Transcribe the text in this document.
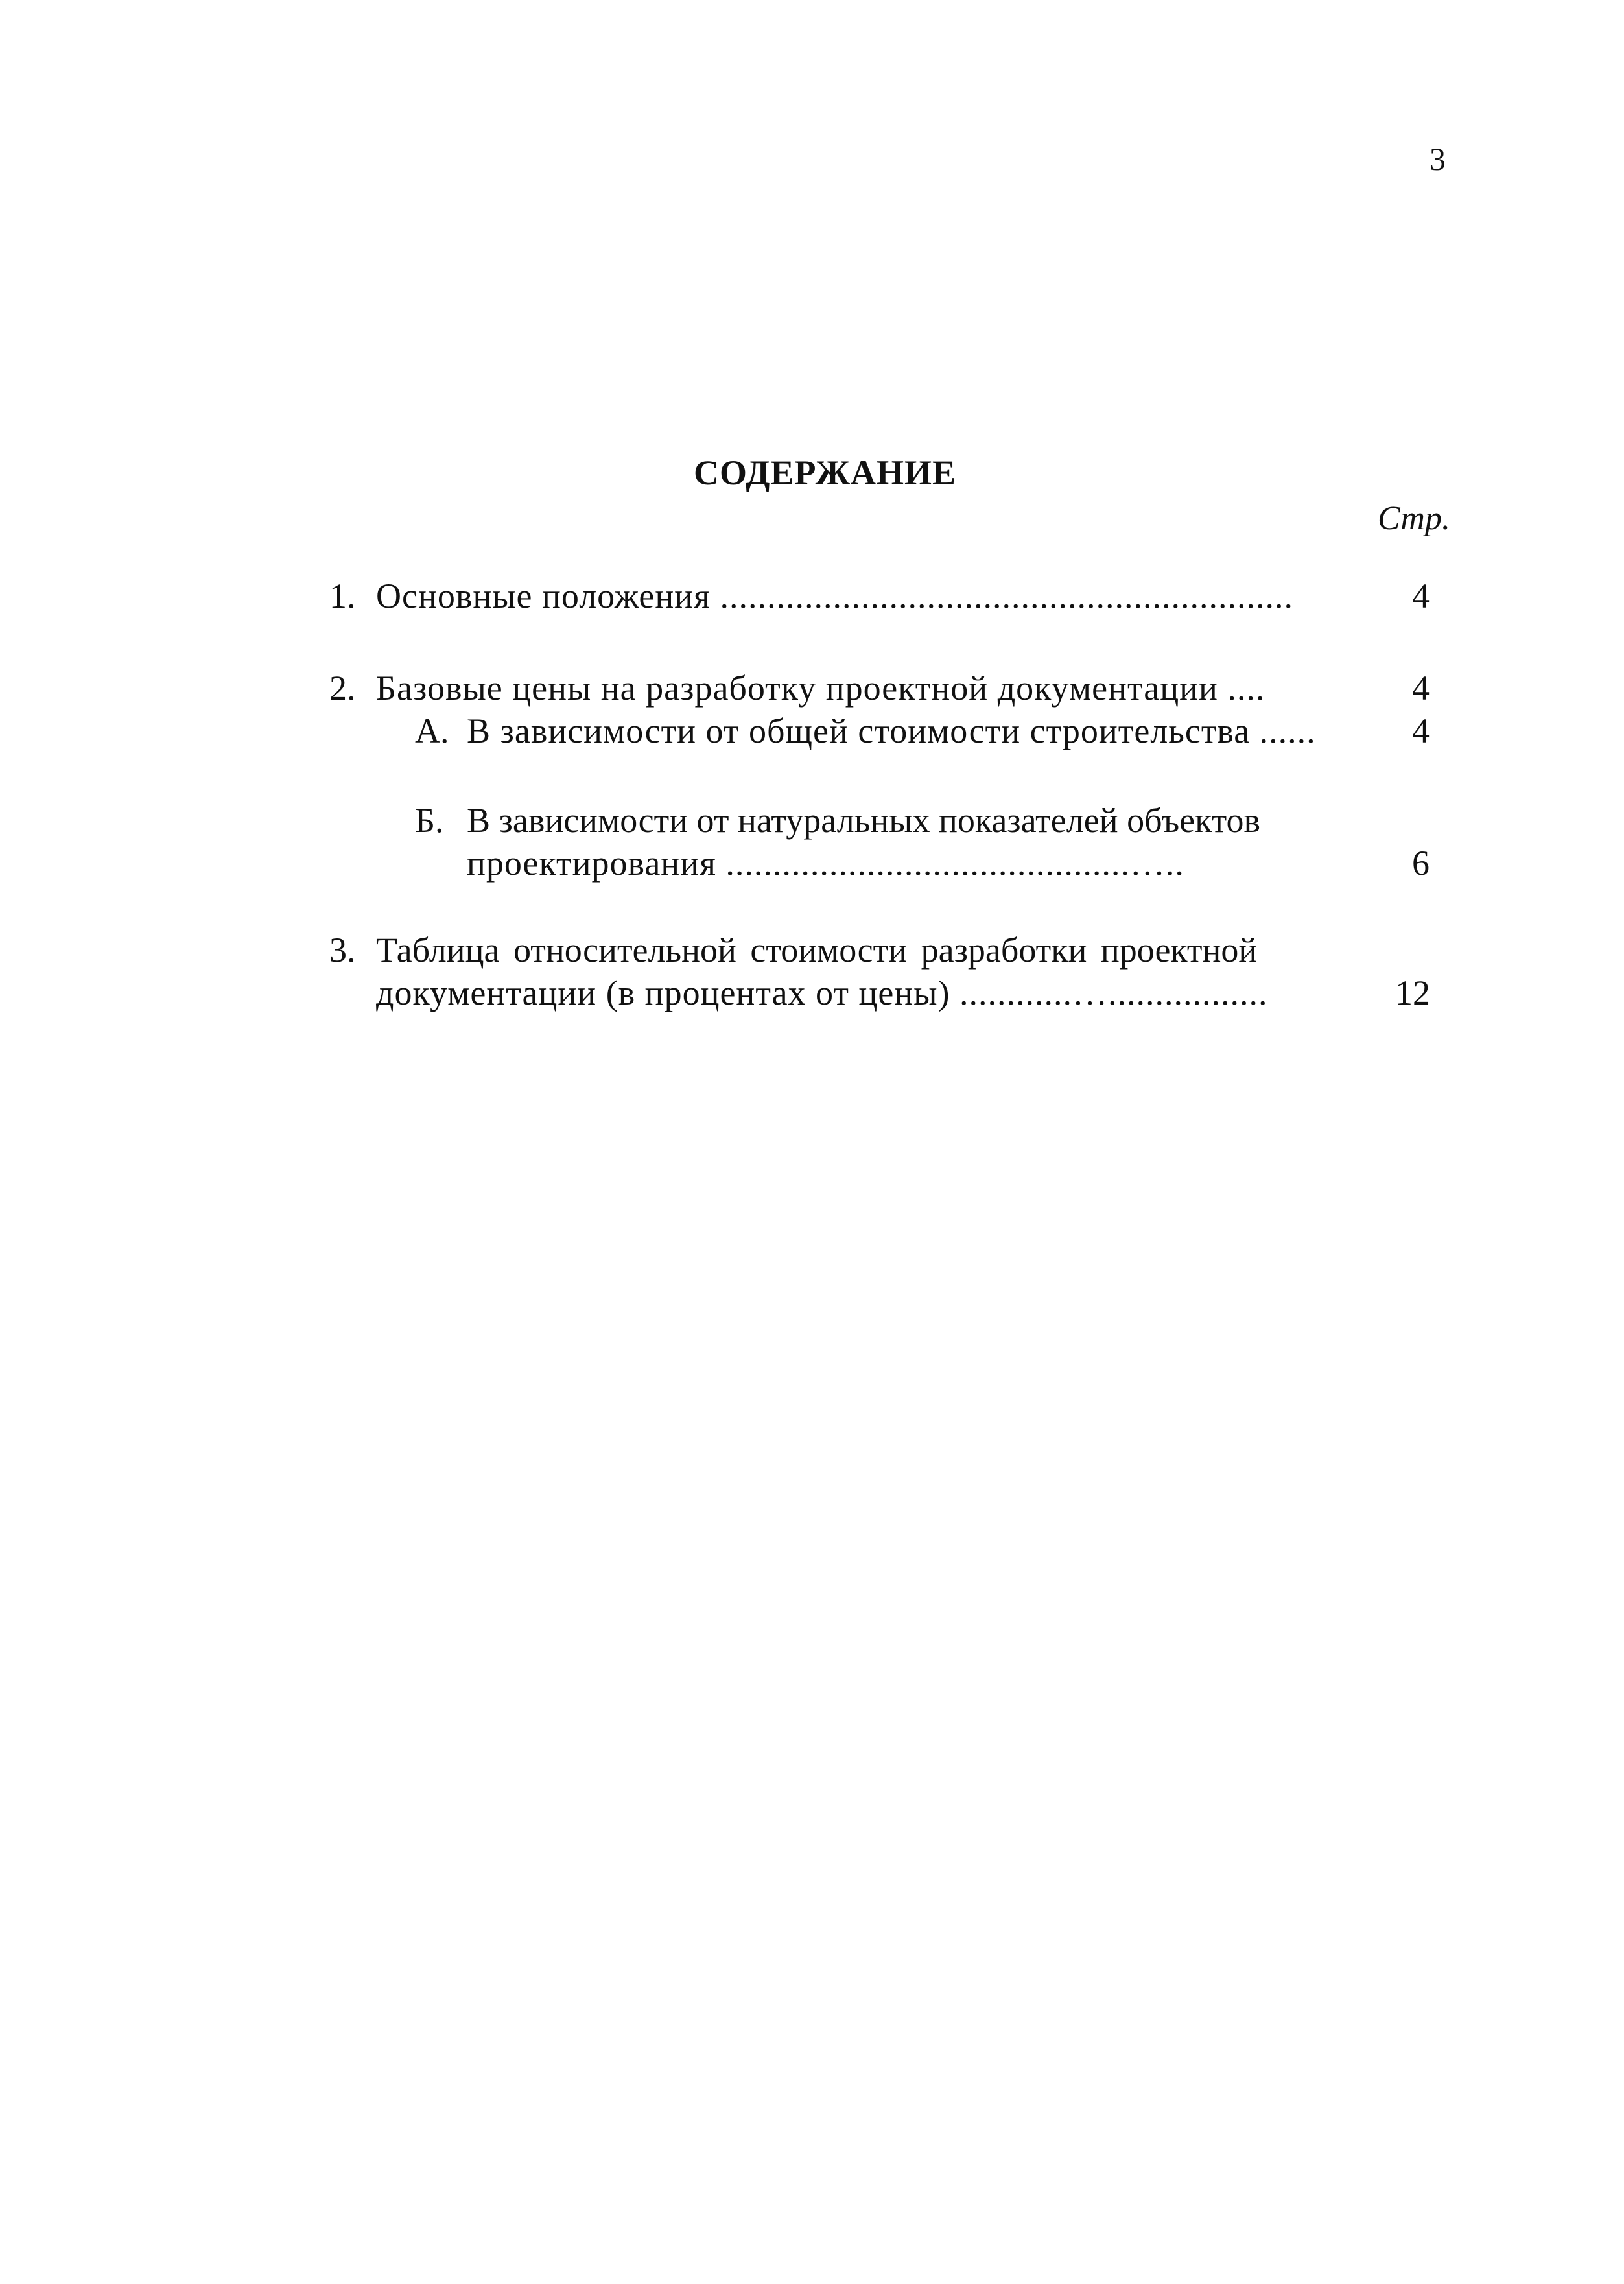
3
СОДЕРЖАНИЕ
Стр.
1. Основные положения .............................................................	4
2. Базовые цены на разработку проектной документации ....	4
А. В зависимости от общей стоимости строительства ......	4
Б. В зависимости от натуральных показателей объектов
проектирования ...........................................…..	6
3. Таблица относительной стоимости разработки проектной
документации (в процентах от цены) ............….................	12
